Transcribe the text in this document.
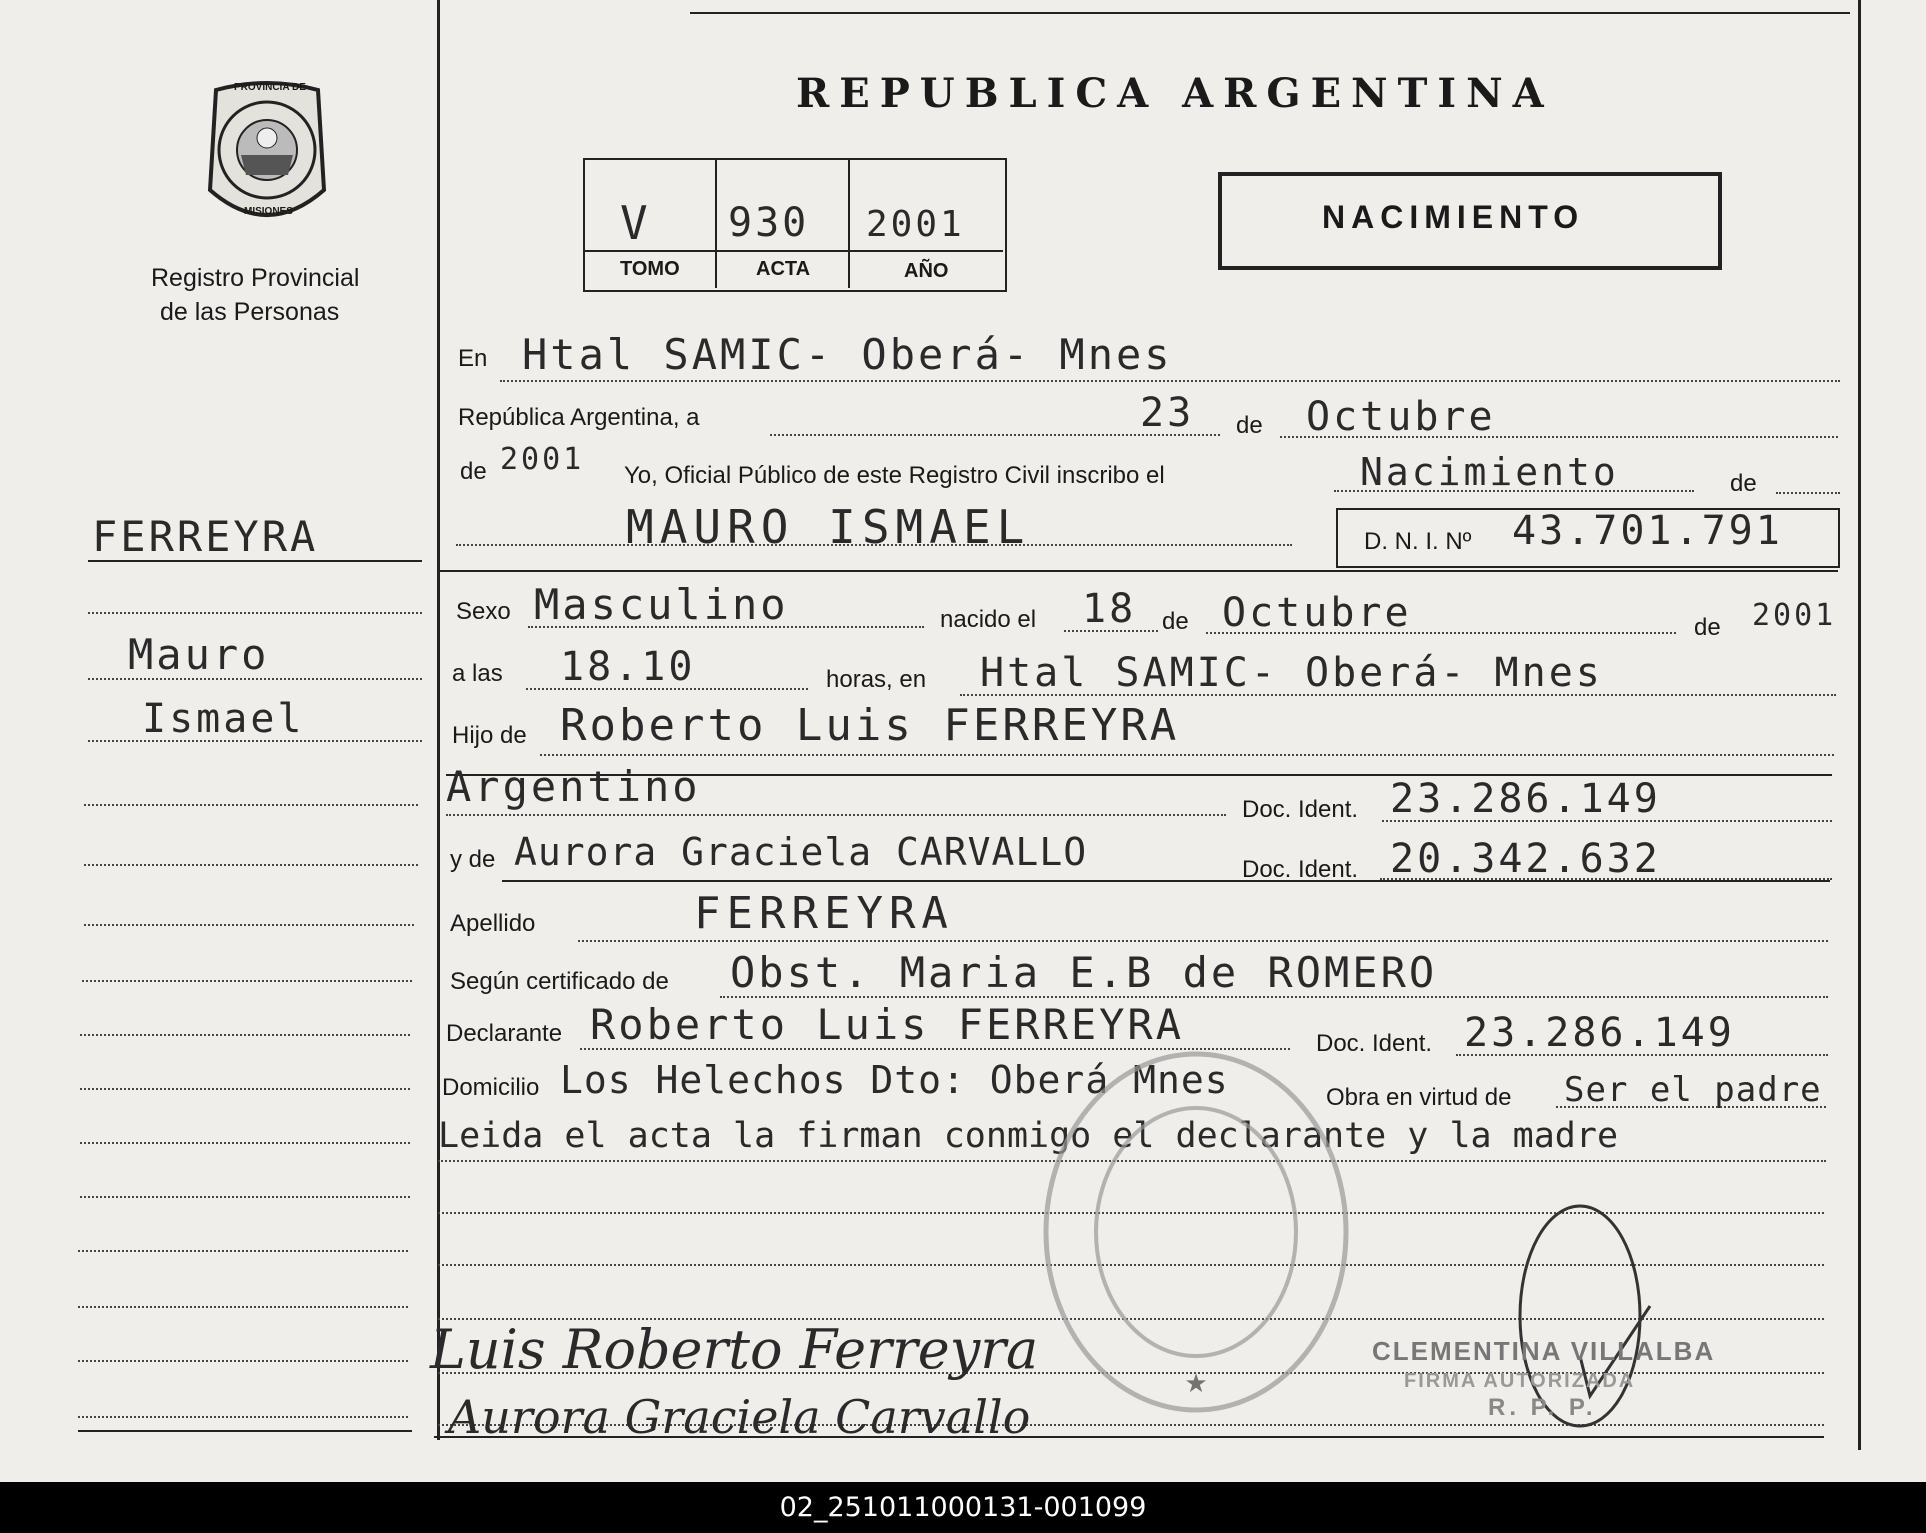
PROVINCIA DE
MISIONES
Registro Provincial
de las Personas
REPUBLICA ARGENTINA
V 930 2001
TOMO	ACTA	AÑO
NACIMIENTO
FERREYRA
Mauro
Ismael
En Htal SAMIC- Oberá- Mnes
República Argentina, a	23 de Octubre
de 2001 Yo, Oficial Público de este Registro Civil inscribo el	Nacimiento	de
MAURO ISMAEL	D. N. I. Nº 43.701.791
Sexo Masculino	nacido el 18 de Octubre	de 2001
a las 18.10	horas, en Htal SAMIC- Oberá- Mnes
Hijo de Roberto Luis FERREYRA
Argentino	Doc. Ident. 23.286.149
y de Aurora Graciela CARVALLO	Doc. Ident. 20.342.632
Apellido	FERREYRA
Según certificado de Obst. Maria E.B de ROMERO
Declarante Roberto Luis FERREYRA	Doc. Ident. 23.286.149
Domicilio Los Helechos Dto: Oberá Mnes	Obra en virtud de Ser el padre
Leida el acta la firman conmigo el declarante y la madre
★
Luis Roberto Ferreyra
Aurora Graciela Carvallo
CLEMENTINA VILLALBA
FIRMA AUTORIZADA
R. P. P.
02_251011000131-001099
